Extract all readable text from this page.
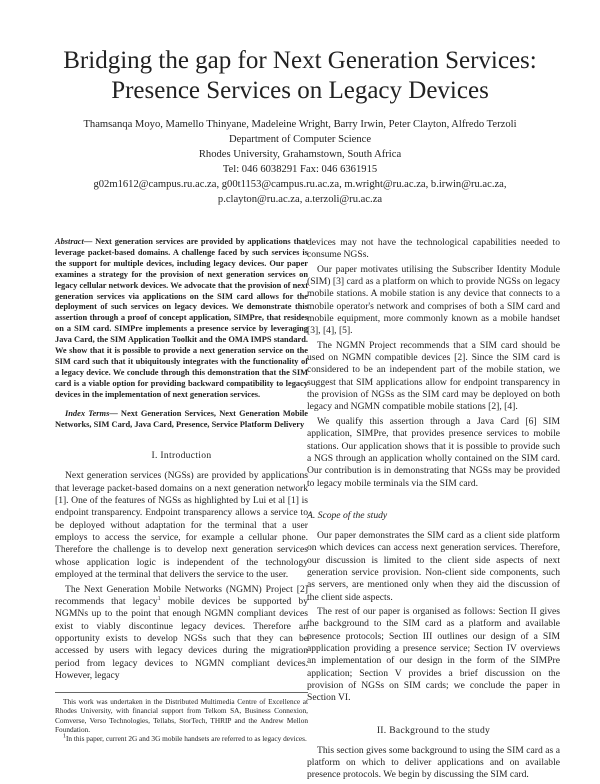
Bridging the gap for Next Generation Services:
Presence Services on Legacy Devices
Thamsanqa Moyo, Mamello Thinyane, Madeleine Wright, Barry Irwin, Peter Clayton, Alfredo Terzoli
Department of Computer Science
Rhodes University, Grahamstown, South Africa
Tel: 046 6038291 Fax: 046 6361915
g02m1612@campus.ru.ac.za, g00t1153@campus.ru.ac.za, m.wright@ru.ac.za, b.irwin@ru.ac.za,
p.clayton@ru.ac.za, a.terzoli@ru.ac.za

Abstract— Next generation services are provided by applications that leverage packet-based domains. A challenge faced by such services is the support for multiple devices, including legacy devices. Our paper examines a strategy for the provision of next generation services on legacy cellular network devices. We advocate that the provision of next generation services via applications on the SIM card allows for the deployment of such services on legacy devices. We demonstrate this assertion through a proof of concept application, SIMPre, that resides on a SIM card. SIMPre implements a presence service by leveraging Java Card, the SIM Application Toolkit and the OMA IMPS standard. We show that it is possible to provide a next generation service on the SIM card such that it ubiquitously integrates with the functionality of a legacy device. We conclude through this demonstration that the SIM card is a viable option for providing backward compatibility to legacy devices in the implementation of next generation services.

Index Terms— Next Generation Services, Next Generation Mobile Networks, SIM Card, Java Card, Presence, Service Platform Delivery

I. Introduction

Next generation services (NGSs) are provided by applications that leverage packet-based domains on a next generation network [1]. One of the features of NGSs as highlighted by Lui et al [1] is endpoint transparency. Endpoint transparency allows a service to be deployed without adaptation for the terminal that a user employs to access the service, for example a cellular phone. Therefore the challenge is to develop next generation services whose application logic is independent of the technology employed at the terminal that delivers the service to the user.

The Next Generation Mobile Networks (NGMN) Project [2] recommends that legacy$^1$ mobile devices be supported by NGMNs up to the point that enough NGMN compliant devices exist to viably discontinue legacy devices. Therefore an opportunity exists to develop NGSs such that they can be accessed by users with legacy devices during the migration period from legacy devices to NGMN compliant devices. However, legacy

This work was undertaken in the Distributed Multimedia Centre of Excellence at Rhodes University, with financial support from Telkom SA, Business Connexion, Comverse, Verso Technologies, Tellabs, StorTech, THRIP and the Andrew Mellon Foundation.

$^1$In this paper, current 2G and 3G mobile handsets are referred to as legacy devices.

devices may not have the technological capabilities needed to consume NGSs.

Our paper motivates utilising the Subscriber Identity Module (SIM) [3] card as a platform on which to provide NGSs on legacy mobile stations. A mobile station is any device that connects to a mobile operator's network and comprises of both a SIM card and mobile equipment, more commonly known as a mobile handset [3], [4], [5].

The NGMN Project recommends that a SIM card should be used on NGMN compatible devices [2]. Since the SIM card is considered to be an independent part of the mobile station, we suggest that SIM applications allow for endpoint transparency in the provision of NGSs as the SIM card may be deployed on both legacy and NGMN compatible mobile stations [2], [4].

We qualify this assertion through a Java Card [6] SIM application, SIMPre, that provides presence services to mobile stations. Our application shows that it is possible to provide such a NGS through an application wholly contained on the SIM card. Our contribution is in demonstrating that NGSs may be provided to legacy mobile terminals via the SIM card.

A. Scope of the study

Our paper demonstrates the SIM card as a client side platform on which devices can access next generation services. Therefore, our discussion is limited to the client side aspects of next generation service provision. Non-client side components, such as servers, are mentioned only when they aid the discussion of the client side aspects.

The rest of our paper is organised as follows: Section II gives the background to the SIM card as a platform and available presence protocols; Section III outlines our design of a SIM application providing a presence service; Section IV overviews an implementation of our design in the form of the SIMPre application; Section V provides a brief discussion on the provision of NGSs on SIM cards; we conclude the paper in Section VI.

II. Background to the study

This section gives some background to using the SIM card as a platform on which to deliver applications and on available presence protocols. We begin by discussing the SIM card.
